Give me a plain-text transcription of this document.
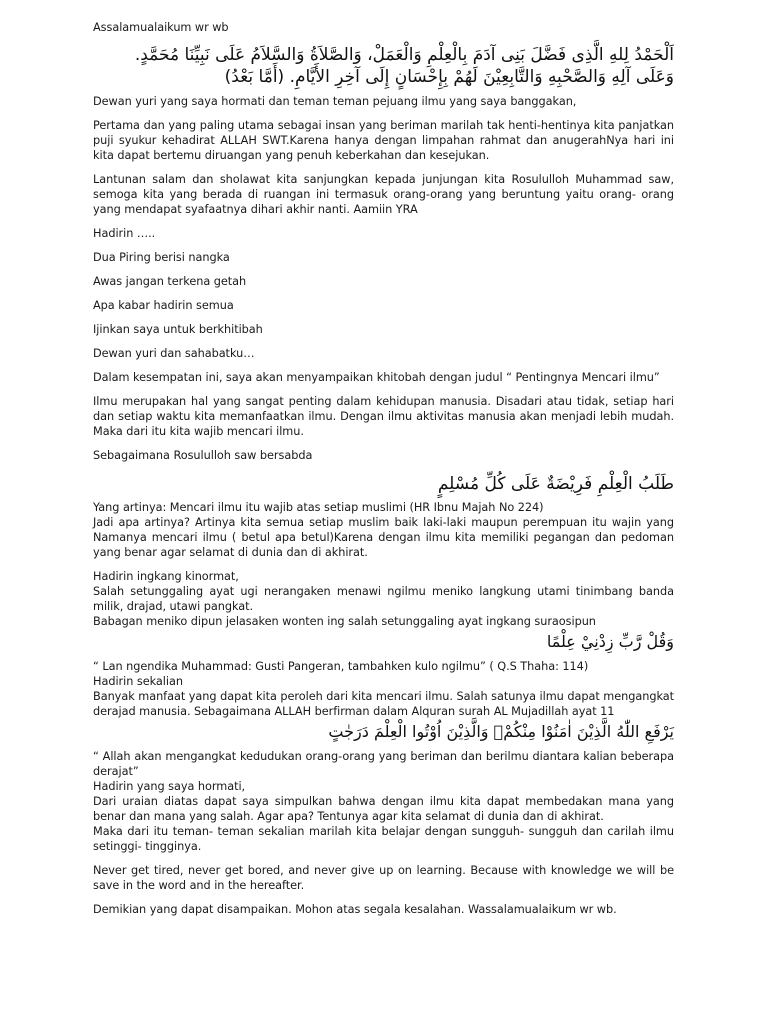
Assalamualaikum wr wb

اَلْحَمْدُ لِلهِ الَّذِى فَضَّلَ بَنِى آدَمَ بِالْعِلْمِ وَالْعَمَلْ، وَالصَّلاَةُ وَالسَّلاَمُ عَلَى نَبِيِّنَا مُحَمَّدٍ. وَعَلَى آلِهِ وَالصَّحْبِهِ وَالتَّابِعِيْنَ لَهُمْ بِإِحْسَانٍ إِلَى آخِرِ الأَيَّامِ. (أَمَّا بَعْدُ)

Dewan yuri yang saya hormati dan teman teman pejuang ilmu yang saya banggakan,

Pertama dan yang paling utama sebagai insan yang beriman marilah tak henti-hentinya kita panjatkan puji syukur kehadirat ALLAH SWT.Karena hanya dengan limpahan rahmat dan anugerahNya hari ini kita dapat bertemu diruangan yang penuh keberkahan dan kesejukan.

Lantunan salam dan sholawat kita sanjungkan kepada junjungan kita Rosululloh Muhammad saw, semoga kita yang berada di ruangan ini termasuk orang-orang yang beruntung yaitu orang- orang yang mendapat syafaatnya dihari akhir nanti. Aamiin YRA

Hadirin …..

Dua Piring berisi nangka

Awas jangan terkena getah

Apa kabar hadirin semua

Ijinkan saya untuk berkhitibah

Dewan yuri dan sahabatku…

Dalam kesempatan ini, saya akan menyampaikan khitobah dengan judul “ Pentingnya Mencari ilmu”

Ilmu merupakan hal yang sangat penting dalam kehidupan manusia. Disadari atau tidak, setiap hari dan setiap waktu kita memanfaatkan ilmu. Dengan ilmu aktivitas manusia akan menjadi lebih mudah. Maka dari itu kita wajib mencari ilmu.

Sebagaimana Rosululloh saw bersabda

طَلَبُ الْعِلْمِ فَرِيْضَةٌ عَلَى كُلِّ مُسْلِمٍ

Yang artinya: Mencari ilmu itu wajib atas setiap muslimi (HR Ibnu Majah No 224)
Jadi apa artinya? Artinya kita semua setiap muslim baik laki-laki maupun perempuan itu wajin yang Namanya mencari ilmu ( betul apa betul)Karena dengan ilmu kita memiliki pegangan dan pedoman yang benar agar selamat di dunia dan di akhirat.
Hadirin ingkang kinormat,
Salah setunggaling ayat ugi nerangaken menawi ngilmu meniko langkung utami tinimbang banda milik, drajad, utawi pangkat.
Babagan meniko dipun jelasaken wonten ing salah setunggaling ayat ingkang suraosipun

وَقُلْ رَّبِّ زِدْنِيْ عِلْمًا

“ Lan ngendika Muhammad: Gusti Pangeran, tambahken kulo ngilmu” ( Q.S Thaha: 114)
Hadirin sekalian
Banyak manfaat yang dapat kita peroleh dari kita mencari ilmu. Salah satunya ilmu dapat mengangkat derajad manusia. Sebagaimana ALLAH berfirman dalam Alquran surah AL Mujadillah ayat 11

يَرْفَعِ اللّٰهُ الَّذِيْنَ اٰمَنُوْا مِنْكُمْۙ وَالَّذِيْنَ اُوْتُوا الْعِلْمَ دَرَجٰتٍ

“ Allah akan mengangkat kedudukan orang-orang yang beriman dan berilmu diantara kalian beberapa derajat”
Hadirin yang saya hormati,
Dari uraian diatas dapat saya simpulkan bahwa dengan ilmu kita dapat membedakan mana yang benar dan mana yang salah. Agar apa? Tentunya agar kita selamat di dunia dan di akhirat.
Maka dari itu teman- teman sekalian marilah kita belajar dengan sungguh- sungguh dan carilah ilmu setinggi- tingginya.

Never get tired, never get bored, and never give up on learning. Because with knowledge we will be save in the word and in the hereafter.

Demikian yang dapat disampaikan. Mohon atas segala kesalahan. Wassalamualaikum wr wb.
